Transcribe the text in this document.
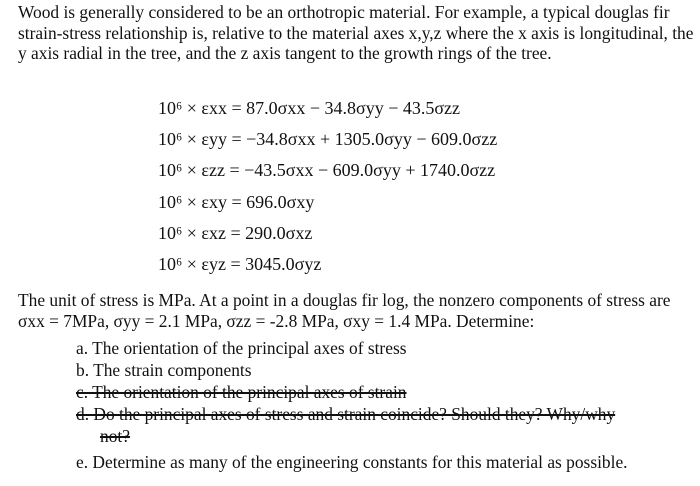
Wood is generally considered to be an orthotropic material. For example, a typical douglas fir strain-stress relationship is, relative to the material axes x,y,z where the x axis is longitudinal, the y axis radial in the tree, and the z axis tangent to the growth rings of the tree.
10⁶ × εxx = 87.0σxx − 34.8σyy − 43.5σzz
10⁶ × εyy = −34.8σxx + 1305.0σyy − 609.0σzz
10⁶ × εzz = −43.5σxx − 609.0σyy + 1740.0σzz
10⁶ × εxy = 696.0σxy
10⁶ × εxz = 290.0σxz
10⁶ × εyz = 3045.0σyz
The unit of stress is MPa. At a point in a douglas fir log, the nonzero components of stress are σxx = 7MPa, σyy = 2.1 MPa, σzz = -2.8 MPa, σxy = 1.4 MPa. Determine:
a. The orientation of the principal axes of stress
b. The strain components
c. The orientation of the principal axes of strain
d. Do the principal axes of stress and strain coincide? Should they? Why/why
not?
e. Determine as many of the engineering constants for this material as possible.
